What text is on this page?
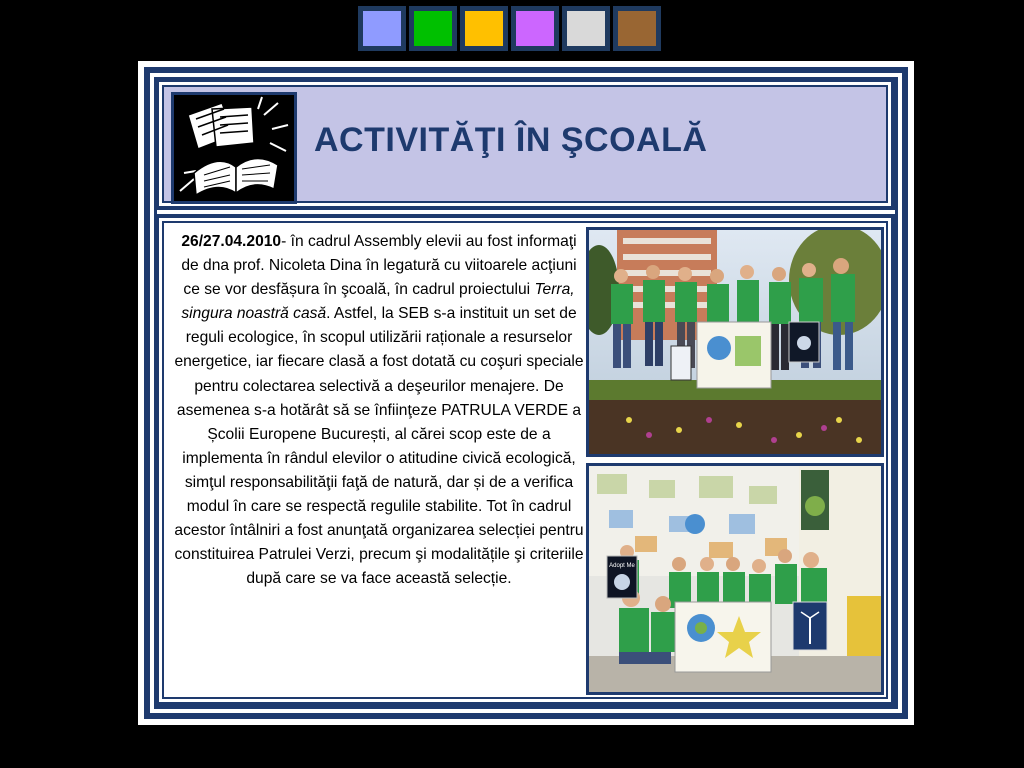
ACTIVITĂŢI ÎN ŞCOALĂ
26/27.04.2010- în cadrul Assembly elevii au fost informaţi de dna prof. Nicoleta Dina în legatură cu viitoarele acţiuni ce se vor desfășura în şcoală, în cadrul proiectului Terra, singura noastră casă. Astfel, la SEB s-a instituit un set de reguli ecologice, în scopul utilizării raționale a resurselor energetice, iar fiecare clasă a fost dotată cu coşuri speciale pentru colectarea selectivă a deşeurilor menajere. De asemenea s-a hotărât să se înfiinţeze PATRULA VERDE a Școlii Europene București, al cărei scop este de a implementa în rândul elevilor o atitudine civică ecologică, simţul responsabilităţii faţă de natură, dar și de a verifica modul în care se respectă regulile stabilite. Tot în cadrul acestor întâlniri a fost anunţată organizarea selecției pentru constituirea Patrulei Verzi, precum şi modalitățile şi criteriile după care se va face această selecție.
Adopt Me
